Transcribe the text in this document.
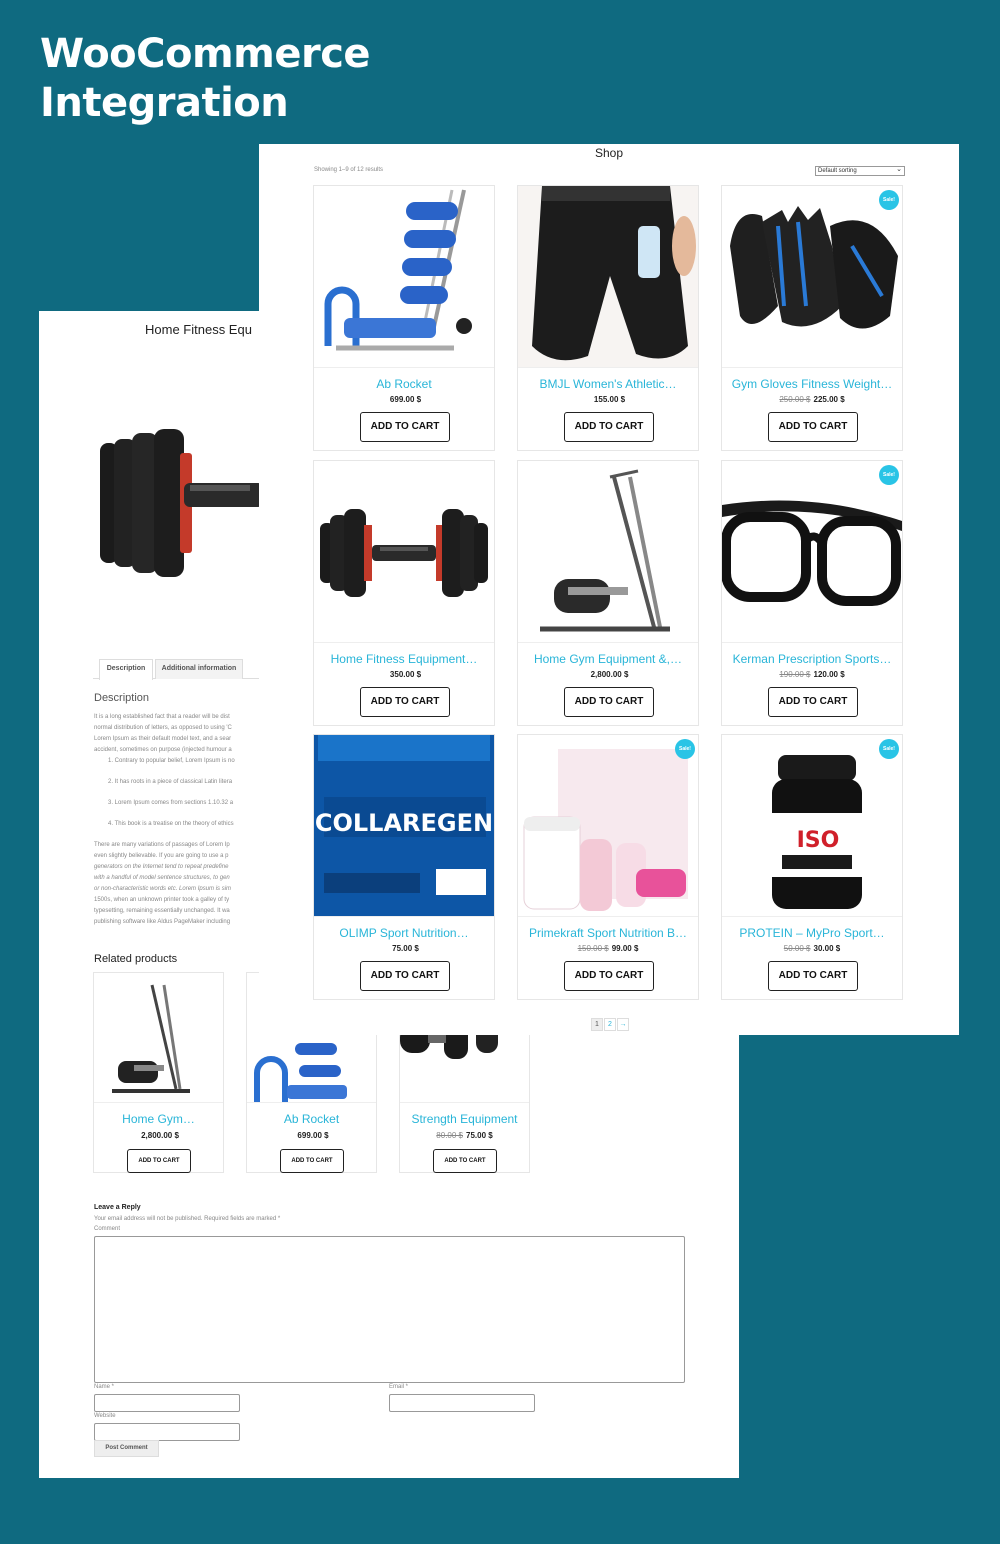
WooCommerce
Integration
Home Fitness Equ
Description	Additional information
Description

It is a long established fact that a reader will be dist

normal distribution of letters, as opposed to using 'C

Lorem Ipsum as their default model text, and a sear

accident, sometimes on purpose (injected humour a

1. Contrary to popular belief, Lorem Ipsum is no

2. It has roots in a piece of classical Latin litera

3. Lorem Ipsum comes from sections 1.10.32 a

4. This book is a treatise on the theory of ethics

There are many variations of passages of Lorem Ip

even slightly believable. If you are going to use a p

generators on the Internet tend to repeat predefine

with a handful of model sentence structures, to gen

or non-characteristic words etc. Lorem Ipsum is sim

1500s, when an unknown printer took a galley of ty

typesetting, remaining essentially unchanged. It wa

publishing software like Aldus PageMaker including

Related products
Home Gym…
2,800.00 $
ADD TO CART
Ab Rocket
699.00 $
ADD TO CART
Strength Equipment
80.00 $ 75.00 $
ADD TO CART
Leave a Reply
Your email address will not be published. Required fields are marked *
Comment
Name *	Email *
Website
Post Comment
Shop
Showing 1–9 of 12 results	Default sorting	⌄
Ab Rocket
699.00 $
ADD TO CART
BMJL Women's Athletic…
155.00 $
ADD TO CART
Sale!
Gym Gloves Fitness Weight…
250.00 $ 225.00 $
ADD TO CART
Home Fitness Equipment…
350.00 $
ADD TO CART
Home Gym Equipment &,…
2,800.00 $
ADD TO CART
Sale!
Kerman Prescription Sports…
190.00 $ 120.00 $
ADD TO CART
COLLAREGEN
OLIMP Sport Nutrition…
75.00 $
ADD TO CART
Sale!
Primekraft Sport Nutrition B…
150.00 $ 99.00 $
ADD TO CART
ISO
Sale!
PROTEIN – MyPro Sport…
50.00 $ 30.00 $
ADD TO CART
1	2	→
